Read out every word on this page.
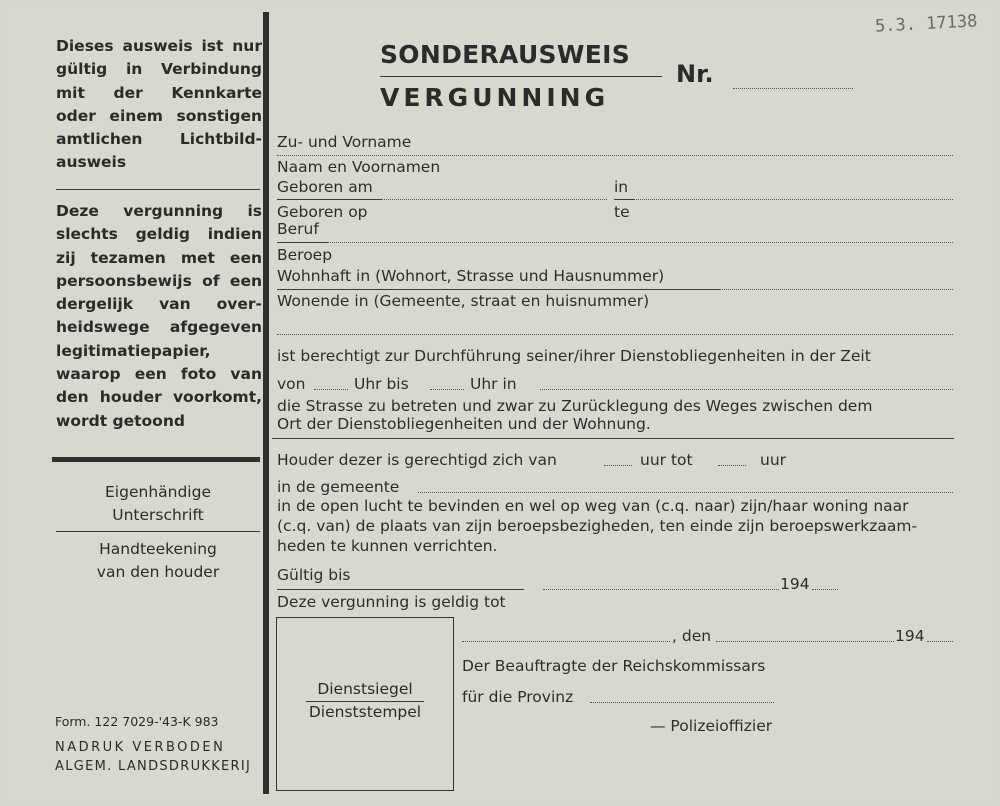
5.3. 17138
Dieses ausweis ist nur
gültig in Verbindung
mit der Kennkarte
oder einem sonstigen
amtlichen Lichtbild-
ausweis
Deze vergunning is
slechts geldig indien
zij tezamen met een
persoonsbewijs of een
dergelijk van over-
heidswege afgegeven
legitimatiepapier,
waarop een foto van
den houder voorkomt,
wordt getoond
Eigenhändige
Unterschrift
Handteekening
van den houder
Form. 122 7029-'43-K 983
NADRUK VERBODEN
ALGEM. LANDSDRUKKERIJ
SONDERAUSWEIS
VERGUNNING
Nr.
Zu- und Vorname
Naam en Voornamen
Geboren am	in
Geboren op	te
Beruf
Beroep
Wohnhaft in (Wohnort, Strasse und Hausnummer)
Wonende in (Gemeente, straat en huisnummer)
ist berechtigt zur Durchführung seiner/ihrer Dienstobliegenheiten in der Zeit
von	Uhr bis	Uhr in
die Strasse zu betreten und zwar zu Zurücklegung des Weges zwischen dem
Ort der Dienstobliegenheiten und der Wohnung.
Houder dezer is gerechtigd zich van	uur tot	uur
in de gemeente
in de open lucht te bevinden en wel op weg van (c.q. naar) zijn/haar woning naar
(c.q. van) de plaats van zijn beroepsbezigheden, ten einde zijn beroepswerkzaam-
heden te kunnen verrichten.
Gültig bis	194
Deze vergunning is geldig tot
Dienstsiegel
Dienststempel
, den	194
Der Beauftragte der Reichskommissars
für die Provinz
— Polizeioffizier
